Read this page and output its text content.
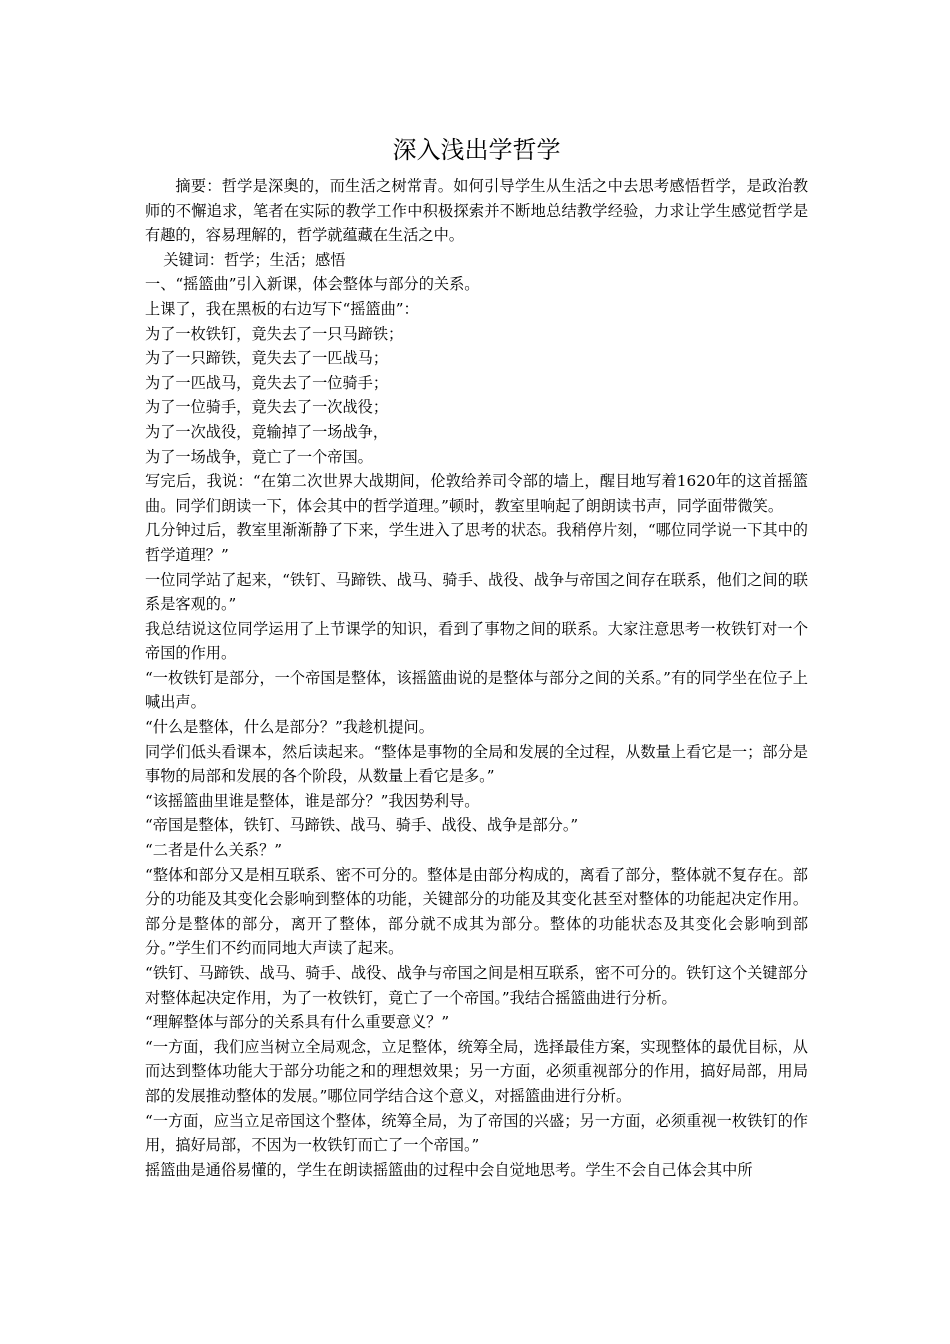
深入浅出学哲学

摘要：哲学是深奥的，而生活之树常青。如何引导学生从生活之中去思考感悟哲学，是政治教师的不懈追求，笔者在实际的教学工作中积极探索并不断地总结教学经验，力求让学生感觉哲学是有趣的，容易理解的，哲学就蕴藏在生活之中。

关键词：哲学；生活；感悟

一、“摇篮曲”引入新课，体会整体与部分的关系。

上课了，我在黑板的右边写下“摇篮曲”：

为了一枚铁钉，竟失去了一只马蹄铁；

为了一只蹄铁，竟失去了一匹战马；

为了一匹战马，竟失去了一位骑手；

为了一位骑手，竟失去了一次战役；

为了一次战役，竟输掉了一场战争，

为了一场战争，竟亡了一个帝国。

写完后，我说：“在第二次世界大战期间，伦敦给养司令部的墙上，醒目地写着1620年的这首摇篮曲。同学们朗读一下，体会其中的哲学道理。”顿时，教室里响起了朗朗读书声，同学面带微笑。

几分钟过后，教室里渐渐静了下来，学生进入了思考的状态。我稍停片刻，“哪位同学说一下其中的哲学道理？”

一位同学站了起来，“铁钉、马蹄铁、战马、骑手、战役、战争与帝国之间存在联系，他们之间的联系是客观的。”

我总结说这位同学运用了上节课学的知识，看到了事物之间的联系。大家注意思考一枚铁钉对一个帝国的作用。

“一枚铁钉是部分，一个帝国是整体，该摇篮曲说的是整体与部分之间的关系。”有的同学坐在位子上喊出声。

“什么是整体，什么是部分？”我趁机提问。

同学们低头看课本，然后读起来。“整体是事物的全局和发展的全过程，从数量上看它是一；部分是事物的局部和发展的各个阶段，从数量上看它是多。”

“该摇篮曲里谁是整体，谁是部分？”我因势利导。

“帝国是整体，铁钉、马蹄铁、战马、骑手、战役、战争是部分。”

“二者是什么关系？”

“整体和部分又是相互联系、密不可分的。整体是由部分构成的，离看了部分，整体就不复存在。部分的功能及其变化会影响到整体的功能，关键部分的功能及其变化甚至对整体的功能起决定作用。部分是整体的部分，离开了整体，部分就不成其为部分。整体的功能状态及其变化会影响到部分。”学生们不约而同地大声读了起来。

“铁钉、马蹄铁、战马、骑手、战役、战争与帝国之间是相互联系，密不可分的。铁钉这个关键部分对整体起决定作用，为了一枚铁钉，竟亡了一个帝国。”我结合摇篮曲进行分析。

“理解整体与部分的关系具有什么重要意义？”

“一方面，我们应当树立全局观念，立足整体，统筹全局，选择最佳方案，实现整体的最优目标，从而达到整体功能大于部分功能之和的理想效果；另一方面，必须重视部分的作用，搞好局部，用局部的发展推动整体的发展。”哪位同学结合这个意义，对摇篮曲进行分析。

“一方面，应当立足帝国这个整体，统筹全局，为了帝国的兴盛；另一方面，必须重视一枚铁钉的作用，搞好局部，不因为一枚铁钉而亡了一个帝国。”

摇篮曲是通俗易懂的，学生在朗读摇篮曲的过程中会自觉地思考。学生不会自己体会其中所
